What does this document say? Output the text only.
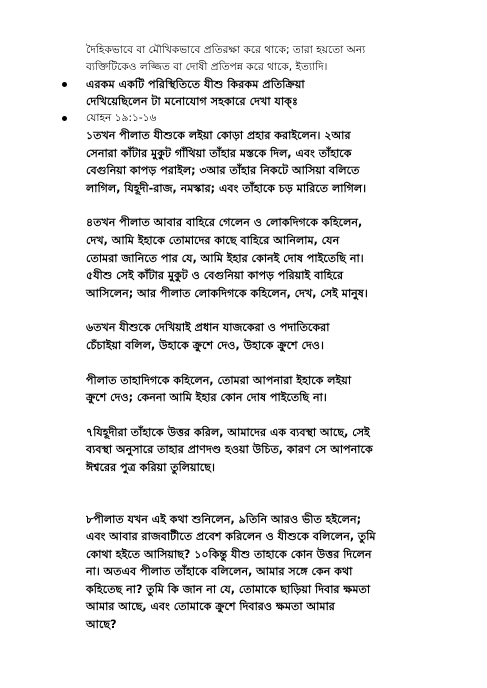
দৈহিকভাবে বা মৌখিকভাবে প্রতিরক্ষা করে থাকে; তারা হয়তো অন্য
ব্যক্তিটিকেও লজ্জিত বা দোষী প্রতিপন্ন করে থাকে, ইত্যাদি।
এরকম একটি পরিস্থিতিতে যীশু কিরকম প্রতিক্রিয়া
দেখিয়েছিলেন টা মনোযোগ সহকারে দেখা যাক্ঃ
যোহন ১৯:১-১৬
১তখন পীলাত যীশুকে লইয়া কোড়া প্রহার করাইলেন। ২আর
সেনারা কাঁটার মুকুট গাঁথিয়া তাঁহার মস্তকে দিল, এবং তাঁহাকে
বেগুনিয়া কাপড় পরাইল; ৩আর তাঁহার নিকটে আসিয়া বলিতে
লাগিল, যিহূদী-রাজ, নমস্কার; এবং তাঁহাকে চড় মারিতে লাগিল।
৪তখন পীলাত আবার বাহিরে গেলেন ও লোকদিগকে কহিলেন,
দেখ, আমি ইহাকে তোমাদের কাছে বাহিরে আনিলাম, যেন
তোমরা জানিতে পার যে, আমি ইহার কোনই দোষ পাইতেছি না।
৫যীশু সেই কাঁটার মুকুট ও বেগুনিয়া কাপড় পরিয়াই বাহিরে
আসিলেন; আর পীলাত লোকদিগকে কহিলেন, দেখ, সেই মানুষ।
৬তখন যীশুকে দেখিয়াই প্রধান যাজকেরা ও পদাতিকেরা
চেঁচাইয়া বলিল, উহাকে ক্রুশে দেও, উহাকে ক্রুশে দেও।
পীলাত তাহাদিগকে কহিলেন, তোমরা আপনারা ইহাকে লইয়া
ক্রুশে দেও; কেননা আমি ইহার কোন দোষ পাইতেছি না।
৭যিহূদীরা তাঁহাকে উত্তর করিল, আমাদের এক ব্যবস্থা আছে, সেই
ব্যবস্থা অনুসারে তাহার প্রাণদণ্ড হওয়া উচিত, কারণ সে আপনাকে
ঈশ্বরের পুত্র করিয়া তুলিয়াছে।
৮পীলাত যখন এই কথা শুনিলেন, ৯তিনি আরও ভীত হইলেন;
এবং আবার রাজবাটীতে প্রবেশ করিলেন ও যীশুকে বলিলেন, তুমি
কোথা হইতে আসিয়াছ? ১০কিন্তু যীশু তাহাকে কোন উত্তর দিলেন
না। অতএব পীলাত তাঁহাকে বলিলেন, আমার সঙ্গে কেন কথা
কহিতেছ না? তুমি কি জান না যে, তোমাকে ছাড়িয়া দিবার ক্ষমতা
আমার আছে, এবং তোমাকে ক্রুশে দিবারও ক্ষমতা আমার
আছে?
